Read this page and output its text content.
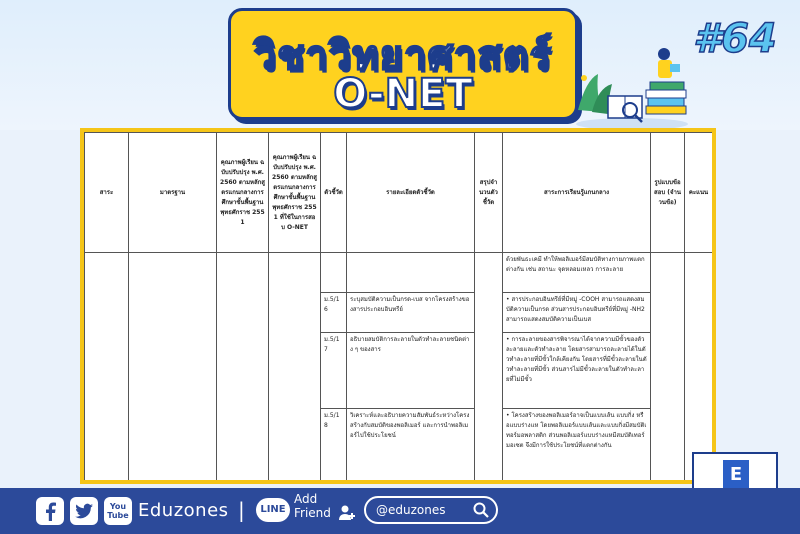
วิชาวิทยาศาสตร์
O-NET
#64
สาระ	มาตรฐาน	คุณภาพผู้เรียน ฉบับปรับปรุง พ.ศ. 2560 ตามหลักสูตรแกนกลางการศึกษาขั้นพื้นฐาน พุทธศักราช 2551	คุณภาพผู้เรียน ฉบับปรับปรุง พ.ศ. 2560 ตามหลักสูตรแกนกลางการศึกษาขั้นพื้นฐาน พุทธศักราช 2551 ที่ใช้ในการสอบ O-NET	ตัวชี้วัด	รายละเอียดตัวชี้วัด	สรุปจำนวนตัวชี้วัด	สาระการเรียนรู้แกนกลาง	รูปแบบข้อสอบ (จำนวนข้อ)	คะแนน

							ด้วยพันธะเคมี ทำให้พอลิเมอร์มีสมบัติทางกายภาพแตกต่างกัน เช่น สถานะ จุดหลอมเหลว การละลาย		

				ม.5/16	ระบุสมบัติความเป็นกรด-เบส จากโครงสร้างของสารประกอบอินทรีย์		• สารประกอบอินทรีย์ที่มีหมู่ -COOH สามารถแสดงสมบัติความเป็นกรด ส่วนสารประกอบอินทรีย์ที่มีหมู่ -NH2 สามารถแสดงสมบัติความเป็นเบส

				ม.5/17	อธิบายสมบัติการละลายในตัวทำละลายชนิดต่าง ๆ ของสาร		• การละลายของสารพิจารณาได้จากความมีขั้วของตัวละลายและตัวทำละลาย โดยสารสามารถละลายได้ในตัวทำละลายที่มีขั้วใกล้เคียงกัน โดยสารที่มีขั้วละลายในตัวทำละลายที่มีขั้ว ส่วนสารไม่มีขั้วละลายในตัวทำละลายที่ไม่มีขั้ว

				ม.5/18	วิเคราะห์และอธิบายความสัมพันธ์ระหว่างโครงสร้างกับสมบัติของพอลิเมอร์ และการนำพอลิเมอร์ไปใช้ประโยชน์		• โครงสร้างของพอลิเมอร์อาจเป็นแบบเส้น แบบกิ่ง หรือแบบร่างแห โดยพอลิเมอร์แบบเส้นและแบบกิ่งมีสมบัติเทอร์มอพลาสติก ส่วนพอลิเมอร์แบบร่างแหมีสมบัติเทอร์มอเซต จึงมีการใช้ประโยชน์ที่แตกต่างกัน
E
You Tube Eduzones |	LINE
Add Friend	@eduzones
